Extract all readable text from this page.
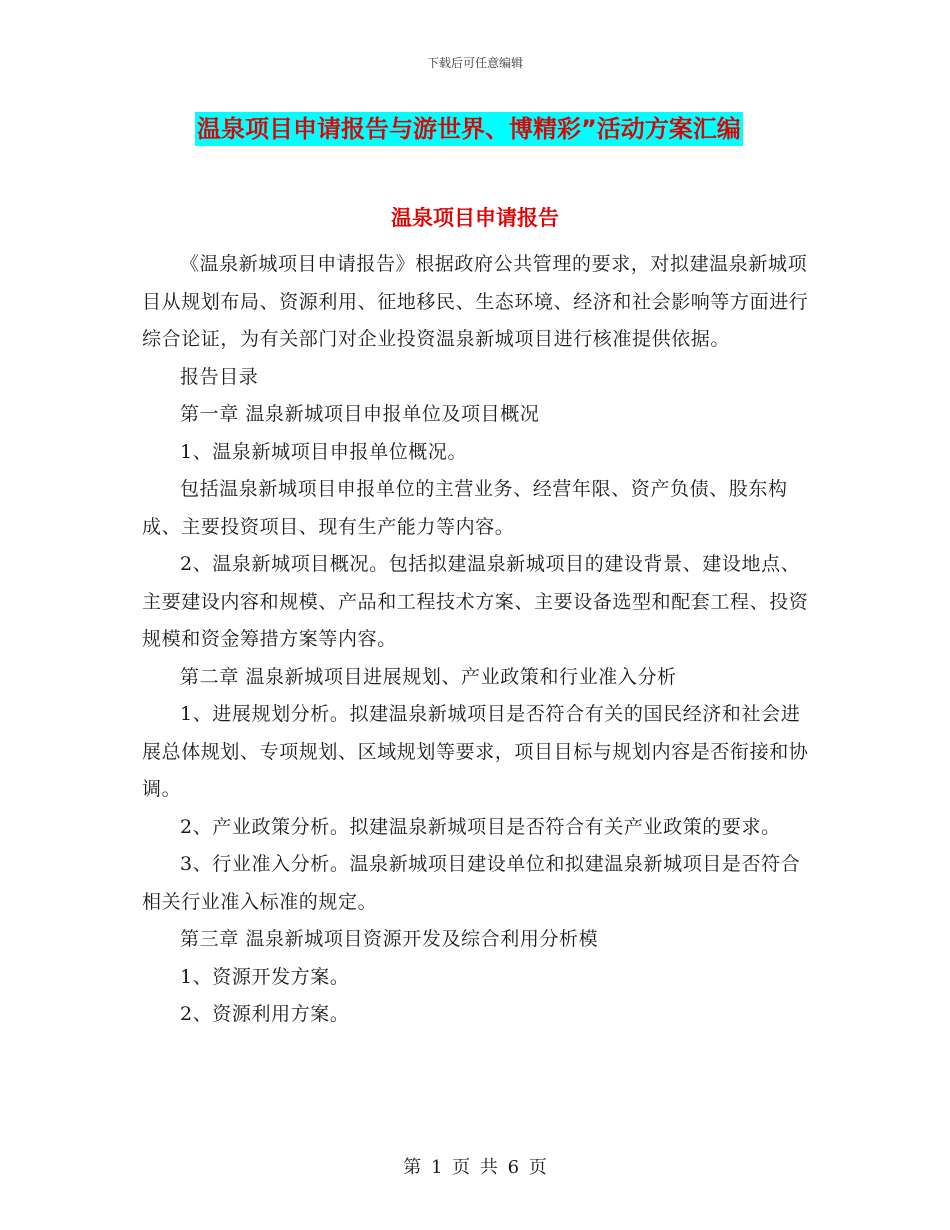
下载后可任意编辑
温泉项目申请报告与游世界、博精彩”活动方案汇编
温泉项目申请报告

《温泉新城项目申请报告》根据政府公共管理的要求，对拟建温泉新城项目从规划布局、资源利用、征地移民、生态环境、经济和社会影响等方面进行综合论证，为有关部门对企业投资温泉新城项目进行核准提供依据。

报告目录

第一章 温泉新城项目申报单位及项目概况

1、温泉新城项目申报单位概况。

包括温泉新城项目申报单位的主营业务、经营年限、资产负债、股东构成、主要投资项目、现有生产能力等内容。

2、温泉新城项目概况。包括拟建温泉新城项目的建设背景、建设地点、主要建设内容和规模、产品和工程技术方案、主要设备选型和配套工程、投资规模和资金筹措方案等内容。

第二章 温泉新城项目进展规划、产业政策和行业准入分析

1、进展规划分析。拟建温泉新城项目是否符合有关的国民经济和社会进展总体规划、专项规划、区域规划等要求，项目目标与规划内容是否衔接和协调。

2、产业政策分析。拟建温泉新城项目是否符合有关产业政策的要求。

3、行业准入分析。温泉新城项目建设单位和拟建温泉新城项目是否符合相关行业准入标准的规定。

第三章 温泉新城项目资源开发及综合利用分析模

1、资源开发方案。

2、资源利用方案。

第 1 页 共 6 页
